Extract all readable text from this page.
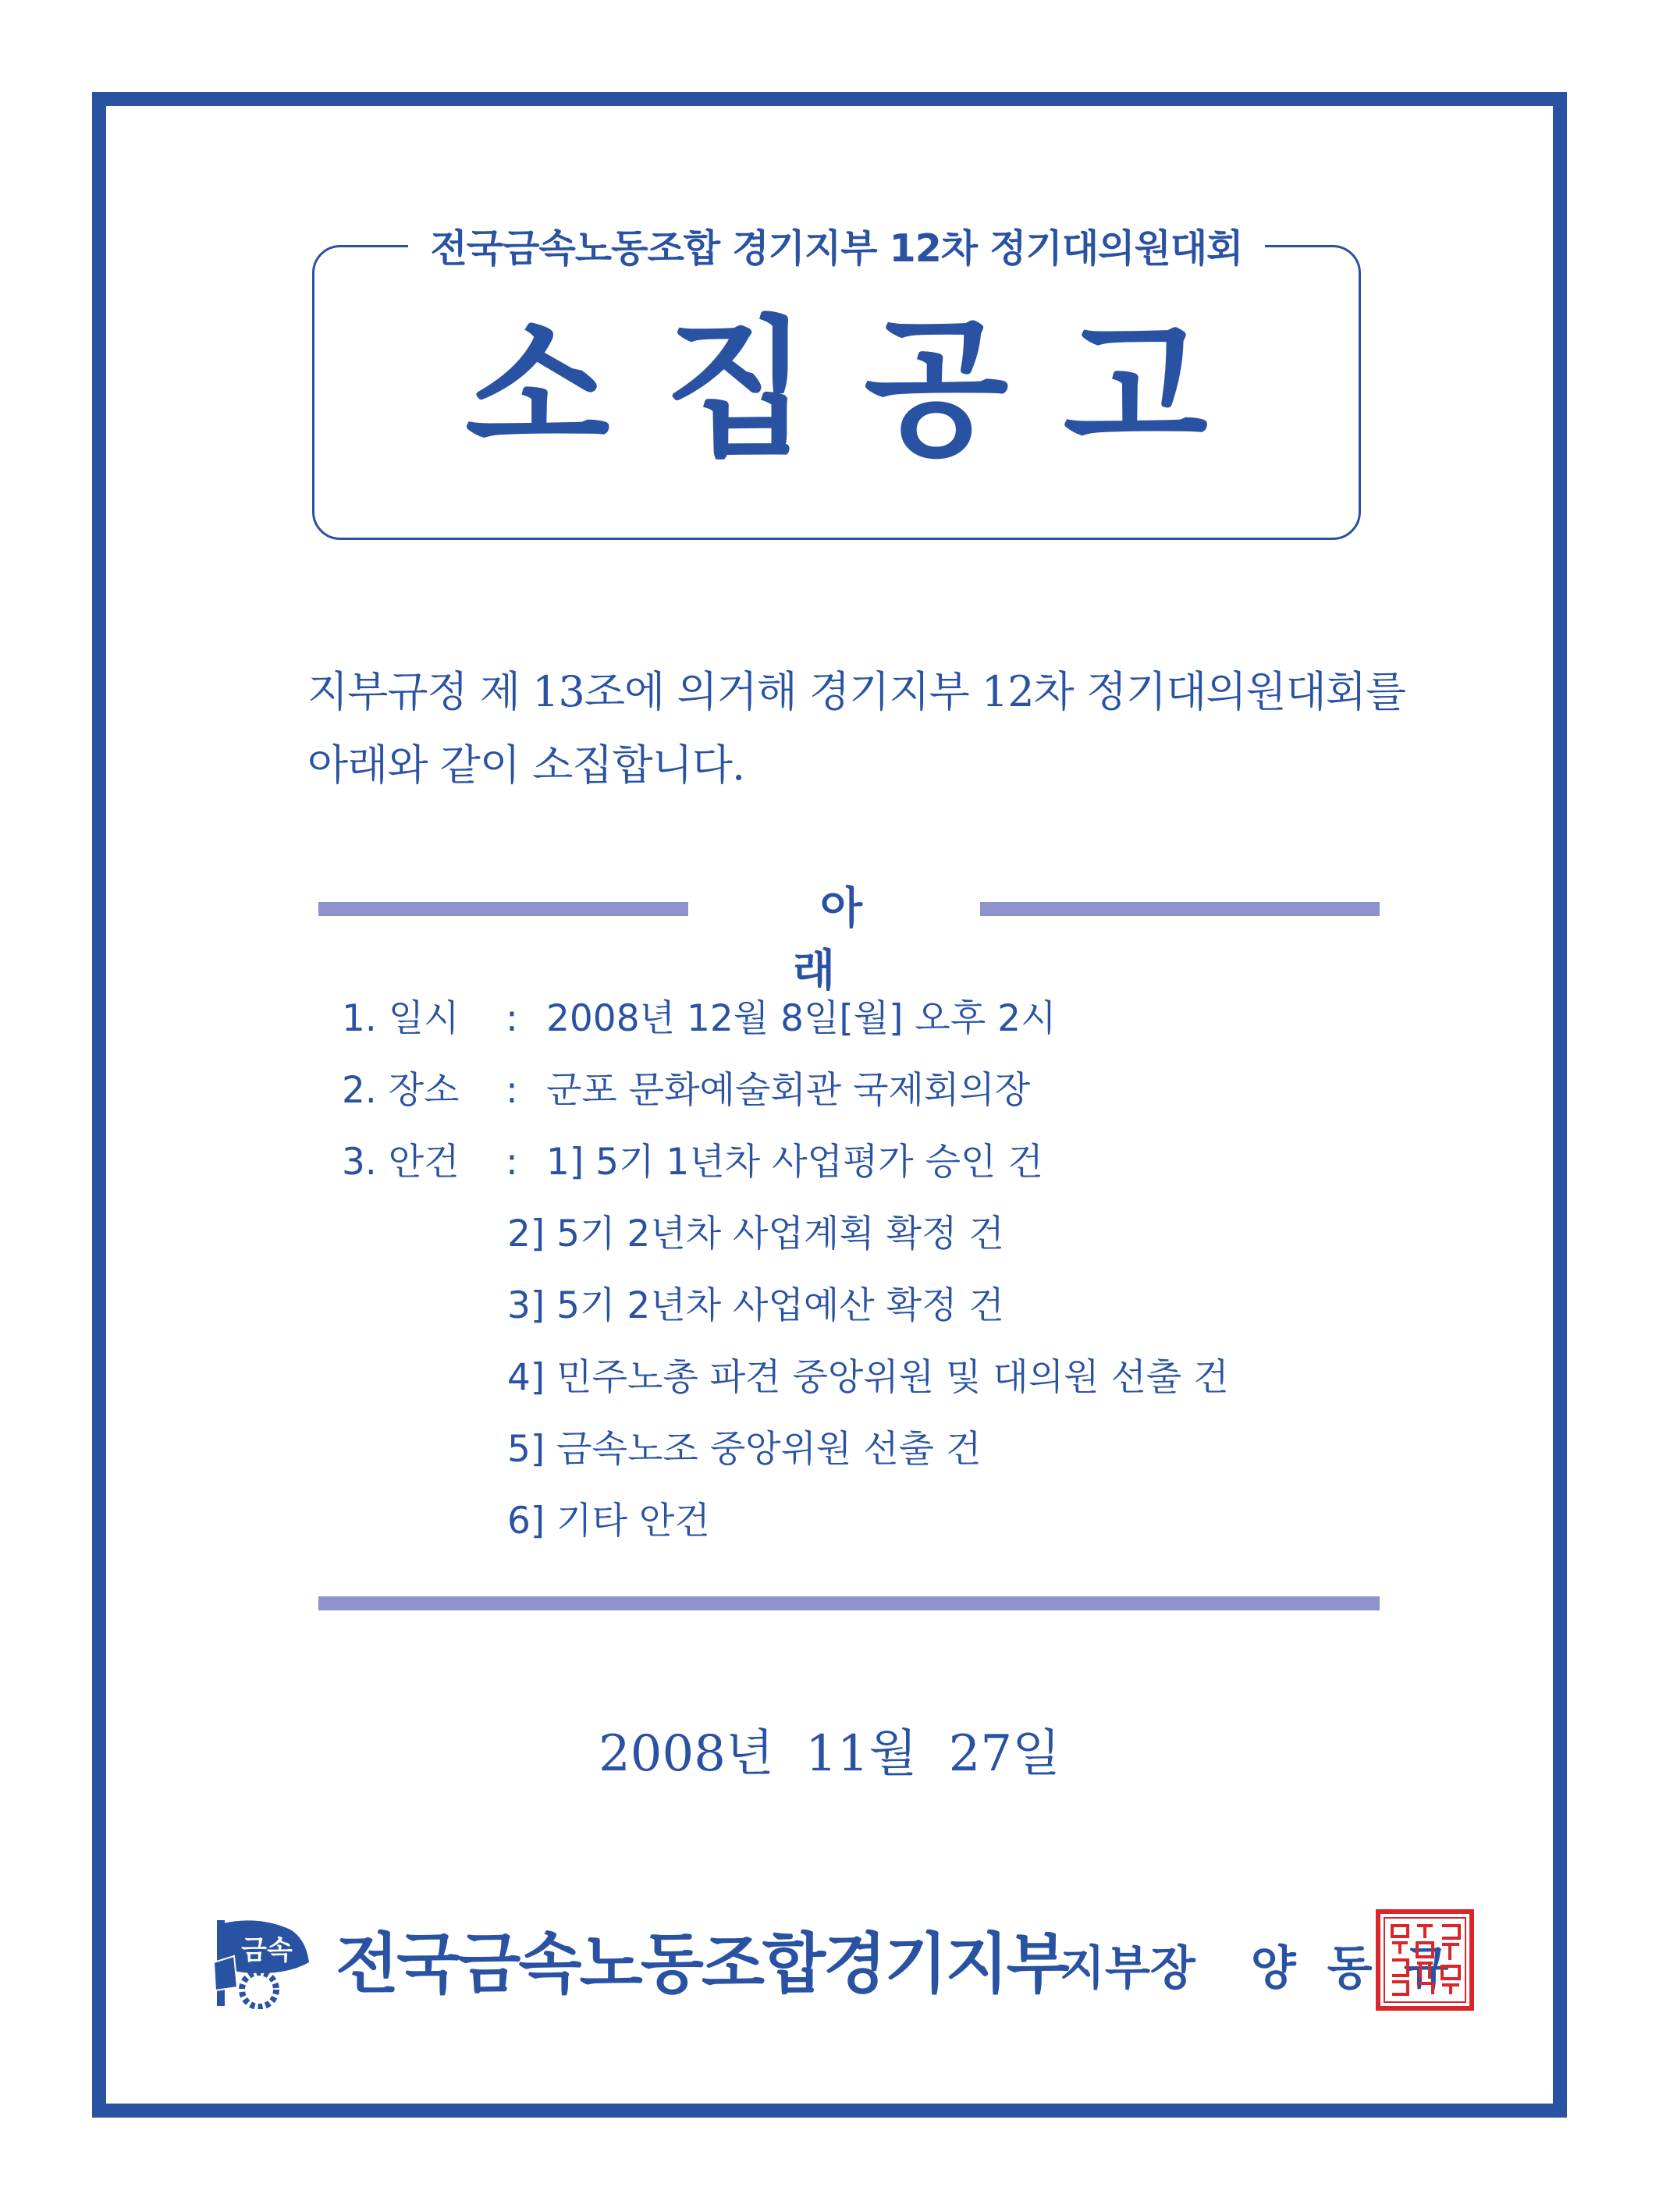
전국금속노동조합 경기지부 12차 정기대의원대회
소집공고
지부규정 제 13조에 의거해 경기지부 12차 정기대의원대회를
아래와 같이 소집합니다.
아 래
1. 일시	: 2008년 12월 8일[월] 오후 2시
2. 장소	: 군포 문화예술회관 국제회의장
3. 안건	: 1] 5기 1년차 사업평가 승인 건
2] 5기 2년차 사업계획 확정 건
3] 5기 2년차 사업예산 확정 건
4] 민주노총 파견 중앙위원 및 대의원 선출 건
5] 금속노조 중앙위원 선출 건
6] 기타 안건
2008년 11월 27일
금속 전국금속노동조합경기지부
지부장 양동규
